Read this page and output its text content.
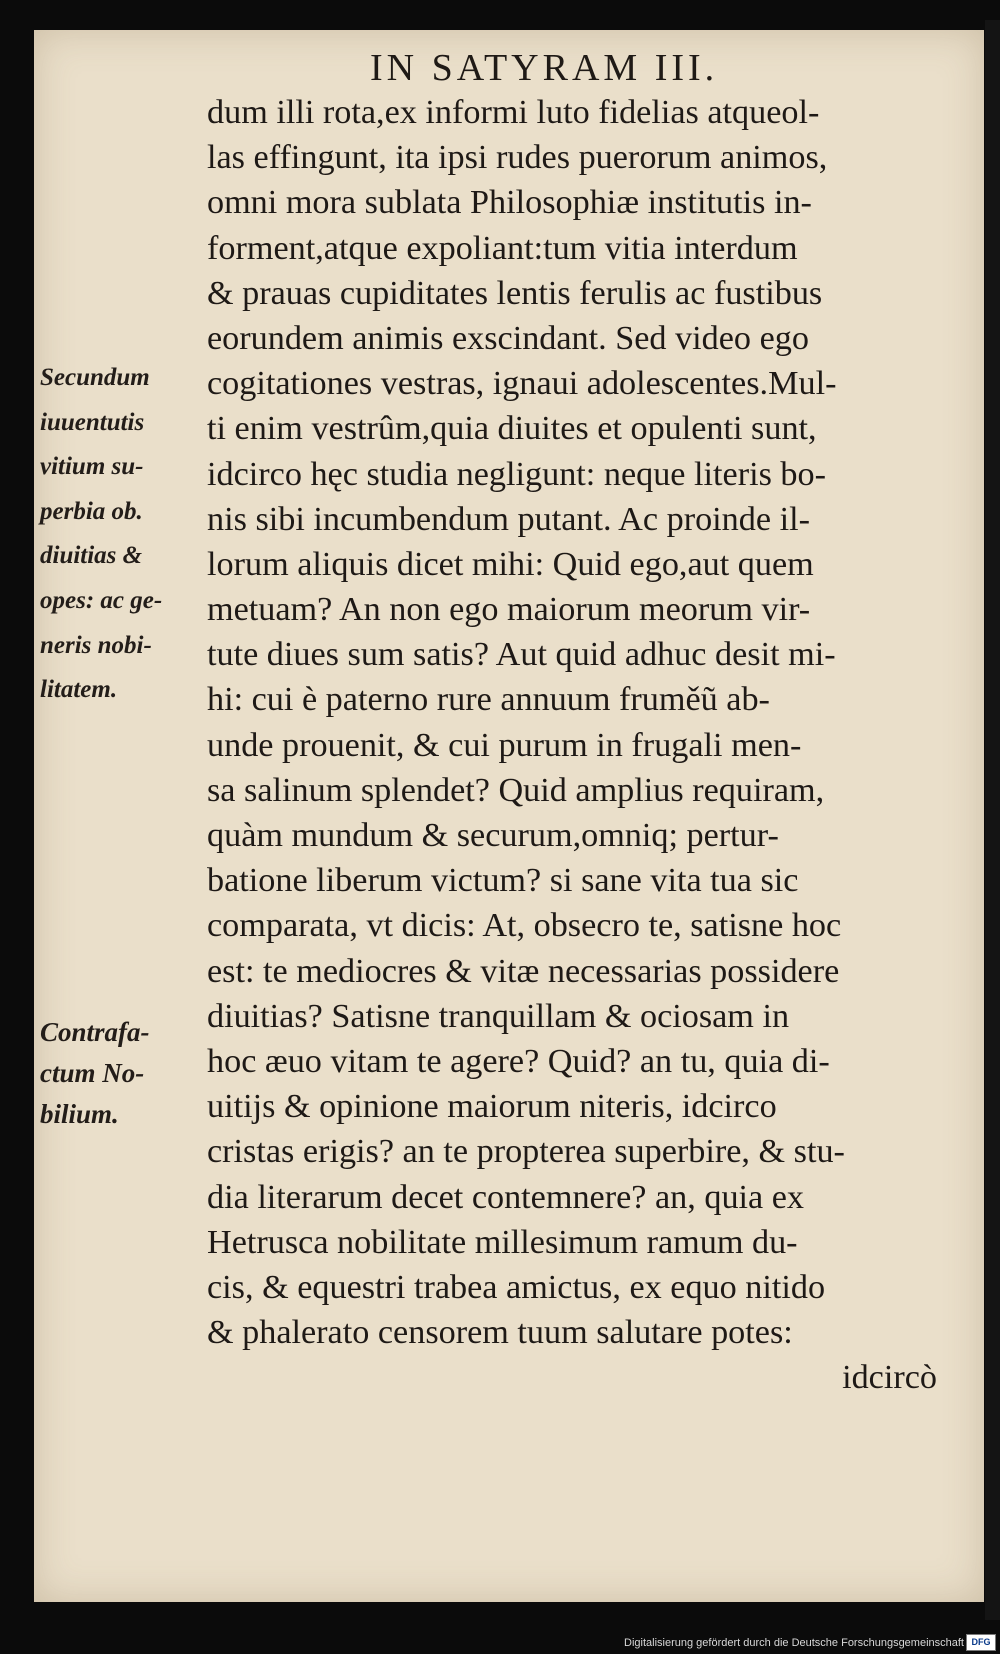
IN SATYRAM III.
dum illi rota,ex informi luto fidelias atqueol-
las effingunt, ita ipsi rudes puerorum animos,
omni mora sublata Philosophiæ institutis in-
forment,atque expoliant:tum vitia interdum
& prauas cupiditates lentis ferulis ac fustibus
eorundem animis exscindant. Sed video ego
cogitationes vestras, ignaui adolescentes.Mul-
ti enim vestrûm,quia diuites et opulenti sunt,
idcirco hęc studia negligunt: neque literis bo-
nis sibi incumbendum putant. Ac proinde il-
lorum aliquis dicet mihi: Quid ego,aut quem
metuam? An non ego maiorum meorum vir-
tute diues sum satis? Aut quid adhuc desit mi-
hi: cui è paterno rure annuum fruměũ ab-
unde prouenit, & cui purum in frugali men-
sa salinum splendet? Quid amplius requiram,
quàm mundum & securum,omniq; pertur-
batione liberum victum? si sane vita tua sic
comparata, vt dicis: At, obsecro te, satisne hoc
est: te mediocres & vitæ necessarias possidere
diuitias? Satisne tranquillam & ociosam in
hoc æuo vitam te agere? Quid? an tu, quia di-
uitijs & opinione maiorum niteris, idcirco
cristas erigis? an te propterea superbire, & stu-
dia literarum decet contemnere? an, quia ex
Hetrusca nobilitate millesimum ramum du-
cis, & equestri trabea amictus, ex equo nitido
& phalerato censorem tuum salutare potes:
idcircò
Secundum
iuuentutis
vitium su-
perbia ob.
diuitias &
opes: ac ge-
neris nobi-
litatem.
Contrafa-
ctum No-
bilium.
Digitalisierung gefördert durch die Deutsche Forschungsgemeinschaft DFG
